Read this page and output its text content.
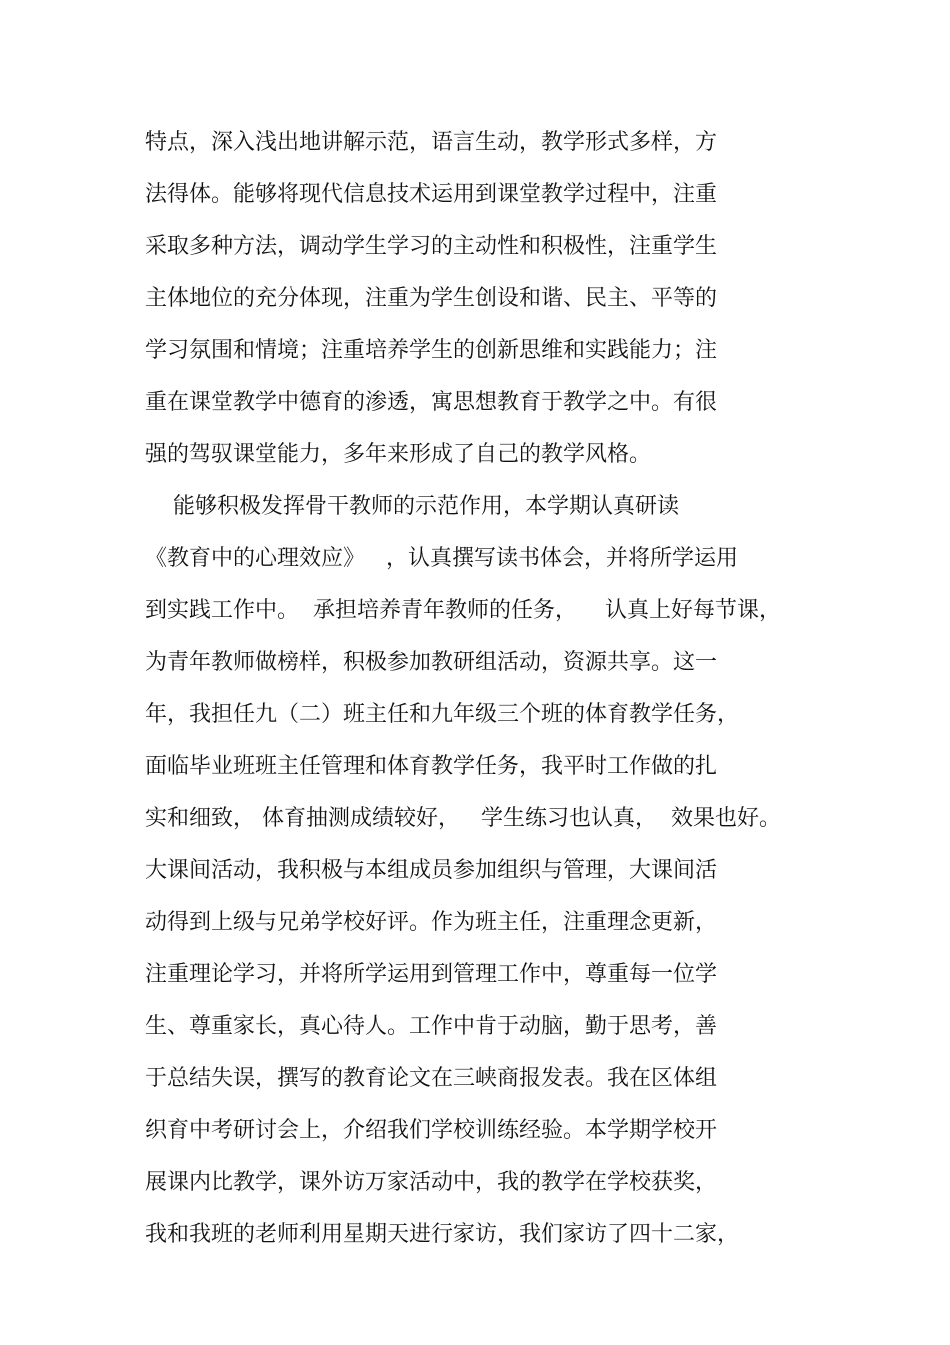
特点，深入浅出地讲解示范，语言生动，教学形式多样，方
法得体。能够将现代信息技术运用到课堂教学过程中，注重
采取多种方法，调动学生学习的主动性和积极性，注重学生
主体地位的充分体现，注重为学生创设和谐、民主、平等的
学习氛围和情境；注重培养学生的创新思维和实践能力；注
重在课堂教学中德育的渗透，寓思想教育于教学之中。有很
强的驾驭课堂能力，多年来形成了自己的教学风格。
能够积极发挥骨干教师的示范作用，本学期认真研读
《教育中的心理效应》   ，认真撰写读书体会，并将所学运用
到实践工作中。  承担培养青年教师的任务，    认真上好每节课，
为青年教师做榜样，积极参加教研组活动，资源共享。这一
年，我担任九（二）班主任和九年级三个班的体育教学任务，
面临毕业班班主任管理和体育教学任务，我平时工作做的扎
实和细致， 体育抽测成绩较好，   学生练习也认真，  效果也好。
大课间活动，我积极与本组成员参加组织与管理，大课间活
动得到上级与兄弟学校好评。作为班主任，注重理念更新，
注重理论学习，并将所学运用到管理工作中，尊重每一位学
生、尊重家长，真心待人。工作中肯于动脑，勤于思考，善
于总结失误，撰写的教育论文在三峡商报发表。我在区体组
织育中考研讨会上，介绍我们学校训练经验。本学期学校开
展课内比教学，课外访万家活动中，我的教学在学校获奖，
我和我班的老师利用星期天进行家访，我们家访了四十二家，
